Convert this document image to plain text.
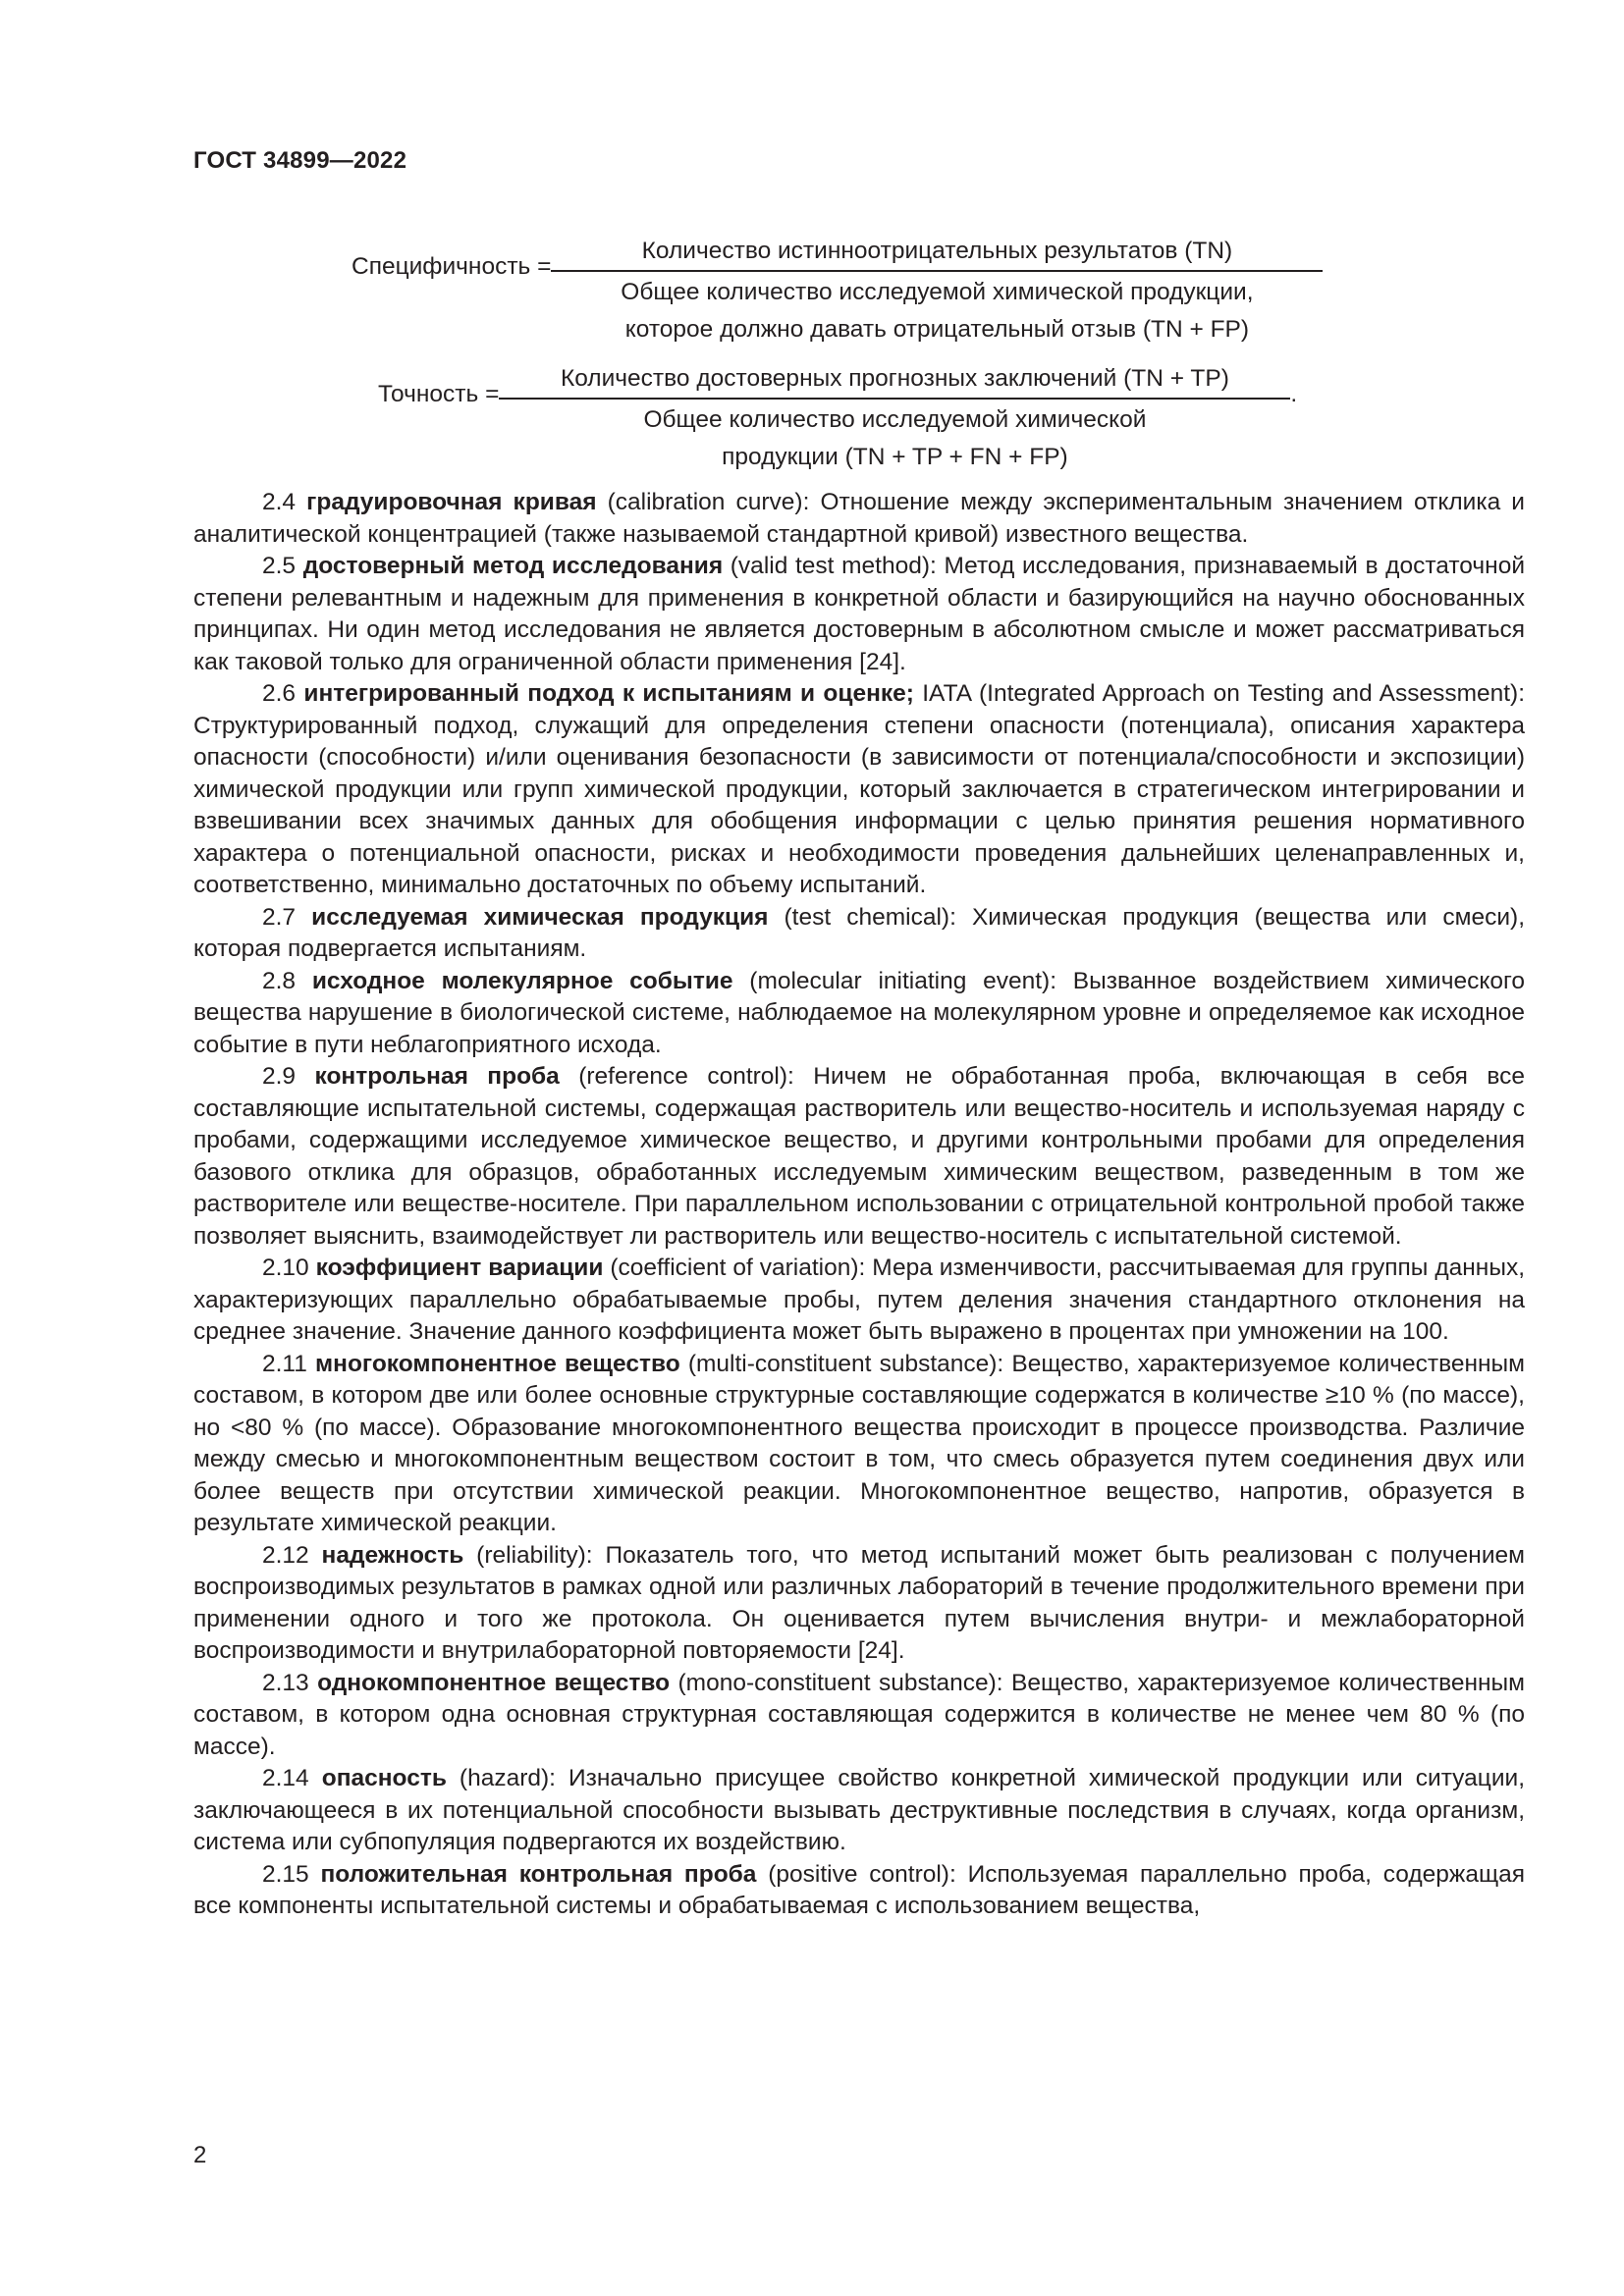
ГОСТ 34899—2022
Специфичность =
Количество истинноотрицательных результатов (TN)
Общее количество исследуемой химической продукции,
которое должно давать отрицательный отзыв (TN + FP)
Точность =
Количество достоверных прогнозных заключений (TN + TP)
Общее количество исследуемой химической
продукции (TN + TP + FN + FP)
.

2.4 градуировочная кривая (calibration curve): Отношение между экспериментальным значением отклика и аналитической концентрацией (также называемой стандартной кривой) известного вещества.

2.5 достоверный метод исследования (valid test method): Метод исследования, признаваемый в достаточной степени релевантным и надежным для применения в конкретной области и базирующийся на научно обоснованных принципах. Ни один метод исследования не является достоверным в абсолютном смысле и может рассматриваться как таковой только для ограниченной области применения [24].

2.6 интегрированный подход к испытаниям и оценке; IATA (Integrated Approach on Testing and Assessment): Структурированный подход, служащий для определения степени опасности (потенциала), описания характера опасности (способности) и/или оценивания безопасности (в зависимости от потенциала/способности и экспозиции) химической продукции или групп химической продукции, который заключается в стратегическом интегрировании и взвешивании всех значимых данных для обобщения информации с целью принятия решения нормативного характера о потенциальной опасности, рисках и необходимости проведения дальнейших целенаправленных и, соответственно, минимально достаточных по объему испытаний.

2.7 исследуемая химическая продукция (test chemical): Химическая продукция (вещества или смеси), которая подвергается испытаниям.

2.8 исходное молекулярное событие (molecular initiating event): Вызванное воздействием химического вещества нарушение в биологической системе, наблюдаемое на молекулярном уровне и определяемое как исходное событие в пути неблагоприятного исхода.

2.9 контрольная проба (reference control): Ничем не обработанная проба, включающая в себя все составляющие испытательной системы, содержащая растворитель или вещество-носитель и используемая наряду с пробами, содержащими исследуемое химическое вещество, и другими контрольными пробами для определения базового отклика для образцов, обработанных исследуемым химическим веществом, разведенным в том же растворителе или веществе-носителе. При параллельном использовании с отрицательной контрольной пробой также позволяет выяснить, взаимодействует ли растворитель или вещество-носитель с испытательной системой.

2.10 коэффициент вариации (coefficient of variation): Мера изменчивости, рассчитываемая для группы данных, характеризующих параллельно обрабатываемые пробы, путем деления значения стандартного отклонения на среднее значение. Значение данного коэффициента может быть выражено в процентах при умножении на 100.

2.11 многокомпонентное вещество (multi-constituent substance): Вещество, характеризуемое количественным составом, в котором две или более основные структурные составляющие содержатся в количестве ≥10 % (по массе), но <80 % (по массе). Образование многокомпонентного вещества происходит в процессе производства. Различие между смесью и многокомпонентным веществом состоит в том, что смесь образуется путем соединения двух или более веществ при отсутствии химической реакции. Многокомпонентное вещество, напротив, образуется в результате химической реакции.

2.12 надежность (reliability): Показатель того, что метод испытаний может быть реализован с получением воспроизводимых результатов в рамках одной или различных лабораторий в течение продолжительного времени при применении одного и того же протокола. Он оценивается путем вычисления внутри- и межлабораторной воспроизводимости и внутрилабораторной повторяемости [24].

2.13 однокомпонентное вещество (mono-constituent substance): Вещество, характеризуемое количественным составом, в котором одна основная структурная составляющая содержится в количестве не менее чем 80 % (по массе).

2.14 опасность (hazard): Изначально присущее свойство конкретной химической продукции или ситуации, заключающееся в их потенциальной способности вызывать деструктивные последствия в случаях, когда организм, система или субпопуляция подвергаются их воздействию.

2.15 положительная контрольная проба (positive control): Используемая параллельно проба, содержащая все компоненты испытательной системы и обрабатываемая с использованием вещества,

2
